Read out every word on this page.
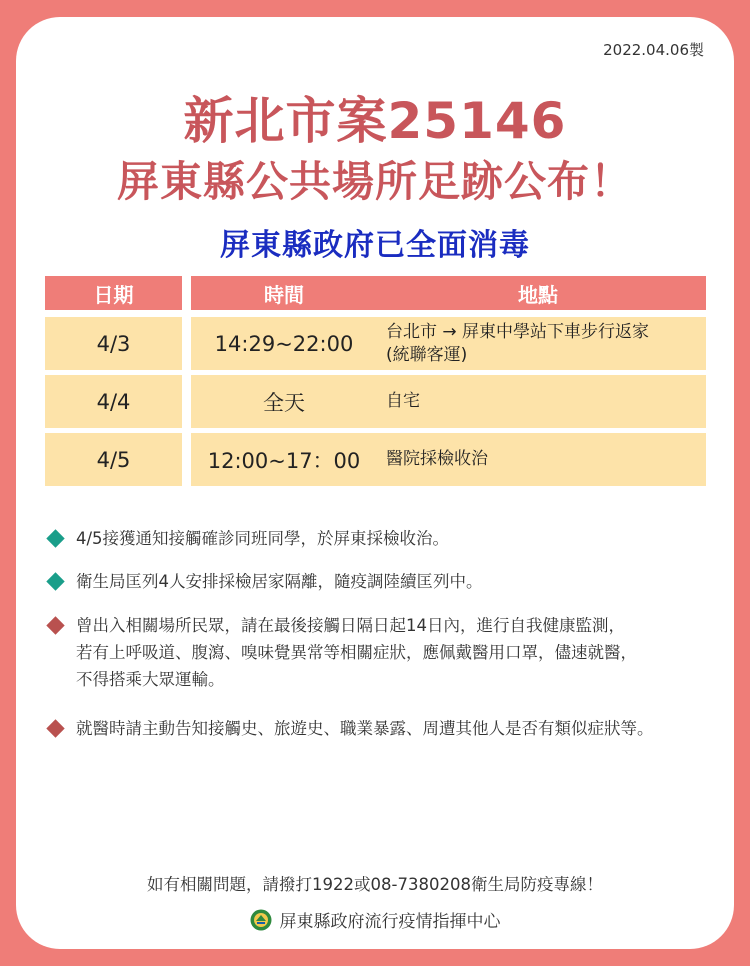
2022.04.06製
新北市案25146
屏東縣公共場所足跡公布！
屏東縣政府已全面消毒
日期	時間	地點
4/3	14:29~22:00	台北市 → 屏東中學站下車步行返家
(統聯客運)
4/4	全天	自宅
4/5	12:00~17：00	醫院採檢收治
4/5接獲通知接觸確診同班同學，於屏東採檢收治。
衛生局匡列4人安排採檢居家隔離，隨疫調陸續匡列中。
曾出入相關場所民眾，請在最後接觸日隔日起14日內，進行自我健康監測，
若有上呼吸道、腹瀉、嗅味覺異常等相關症狀，應佩戴醫用口罩，儘速就醫，
不得搭乘大眾運輸。
就醫時請主動告知接觸史、旅遊史、職業暴露、周遭其他人是否有類似症狀等。
如有相關問題，請撥打1922或08-7380208衛生局防疫專線！
屏東縣政府流行疫情指揮中心
